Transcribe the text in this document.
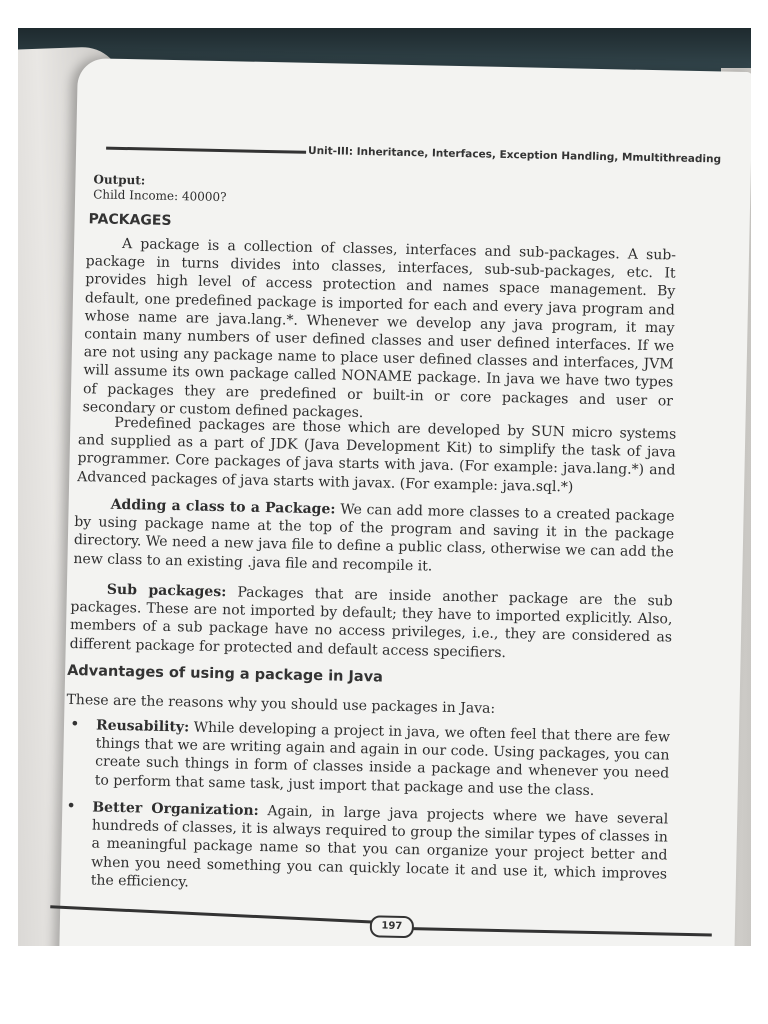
Unit-III: Inheritance, Interfaces, Exception Handling, Mmultithreading
Output:
Child Income: 40000?
PACKAGES
A package is a collection of classes, interfaces and sub-packages. A sub-package in turns divides into classes, interfaces, sub-sub-packages, etc. It provides high level of access protection and names space management. By default, one predefined package is imported for each and every java program and whose name are java.lang.*. Whenever we develop any java program, it may contain many numbers of user defined classes and user defined interfaces. If we are not using any package name to place user defined classes and interfaces, JVM will assume its own package called NONAME package. In java we have two types of packages they are predefined or built-in or core packages and user or secondary or custom defined packages.
Predefined packages are those which are developed by SUN micro systems and supplied as a part of JDK (Java Development Kit) to simplify the task of java programmer. Core packages of java starts with java. (For example: java.lang.*) and Advanced packages of java starts with javax. (For example: java.sql.*)
Adding a class to a Package: We can add more classes to a created package by using package name at the top of the program and saving it in the package directory. We need a new java file to define a public class, otherwise we can add the new class to an existing .java file and recompile it.
Sub packages: Packages that are inside another package are the sub packages. These are not imported by default; they have to imported explicitly. Also, members of a sub package have no access privileges, i.e., they are considered as different package for protected and default access specifiers.
Advantages of using a package in Java
These are the reasons why you should use packages in Java:
• Reusability: While developing a project in java, we often feel that there are few things that we are writing again and again in our code. Using packages, you can create such things in form of classes inside a package and whenever you need to perform that same task, just import that package and use the class.
• Better Organization: Again, in large java projects where we have several hundreds of classes, it is always required to group the similar types of classes in a meaningful package name so that you can organize your project better and when you need something you can quickly locate it and use it, which improves the efficiency.
197
